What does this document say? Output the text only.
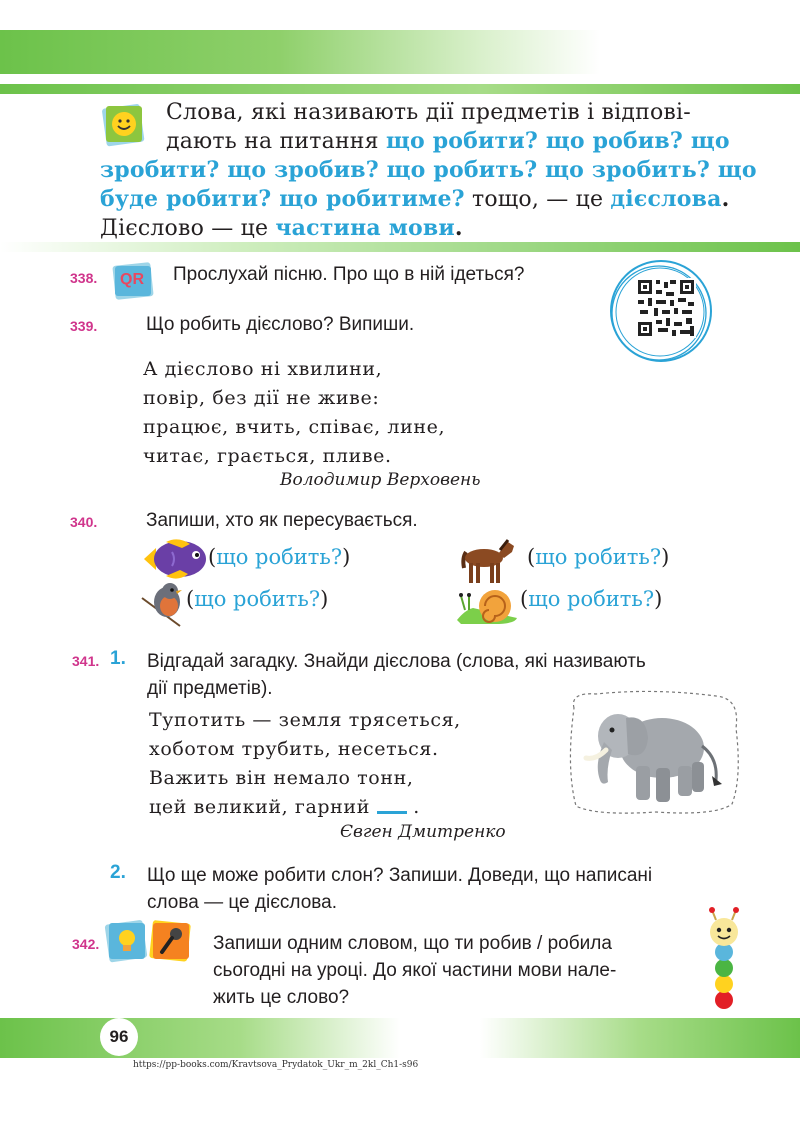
Слова, які називають дії предметів і відпові-
дають на питання що робити? що робив? що
зробити? що зробив? що робить? що зробить? що
буде робити? що робитиме? тощо, — це дієслова.
Дієслово — це частина мови.
338. QR Прослухай пісню. Про що в ній ідеться?
339.	Що робить дієслово? Випиши.
А дієслово ні хвилини,
повір, без дії не живе:
працює, вчить, співає, лине,
читає, грається, пливе.
Володимир Верховень
340.	Запиши, хто як пересувається.
(що робить?)	(що робить?)
(що робить?)	(що робить?)
341. 1. Відгадай загадку. Знайди дієслова (слова, які називають
дії предметів).
Тупотить — земля трясеться,
хоботом трубить, несеться.
Важить він немало тонн,
цей великий, гарний .
Євген Дмитренко
2. Що ще може робити слон? Запиши. Доведи, що написані
слова — це дієслова.
342.	Запиши одним словом, що ти робив / робила
сьогодні на уроці. До якої частини мови нале-
жить це слово?
96
https://pp-books.com/Kravtsova_Prydatok_Ukr_m_2kl_Ch1-s96
